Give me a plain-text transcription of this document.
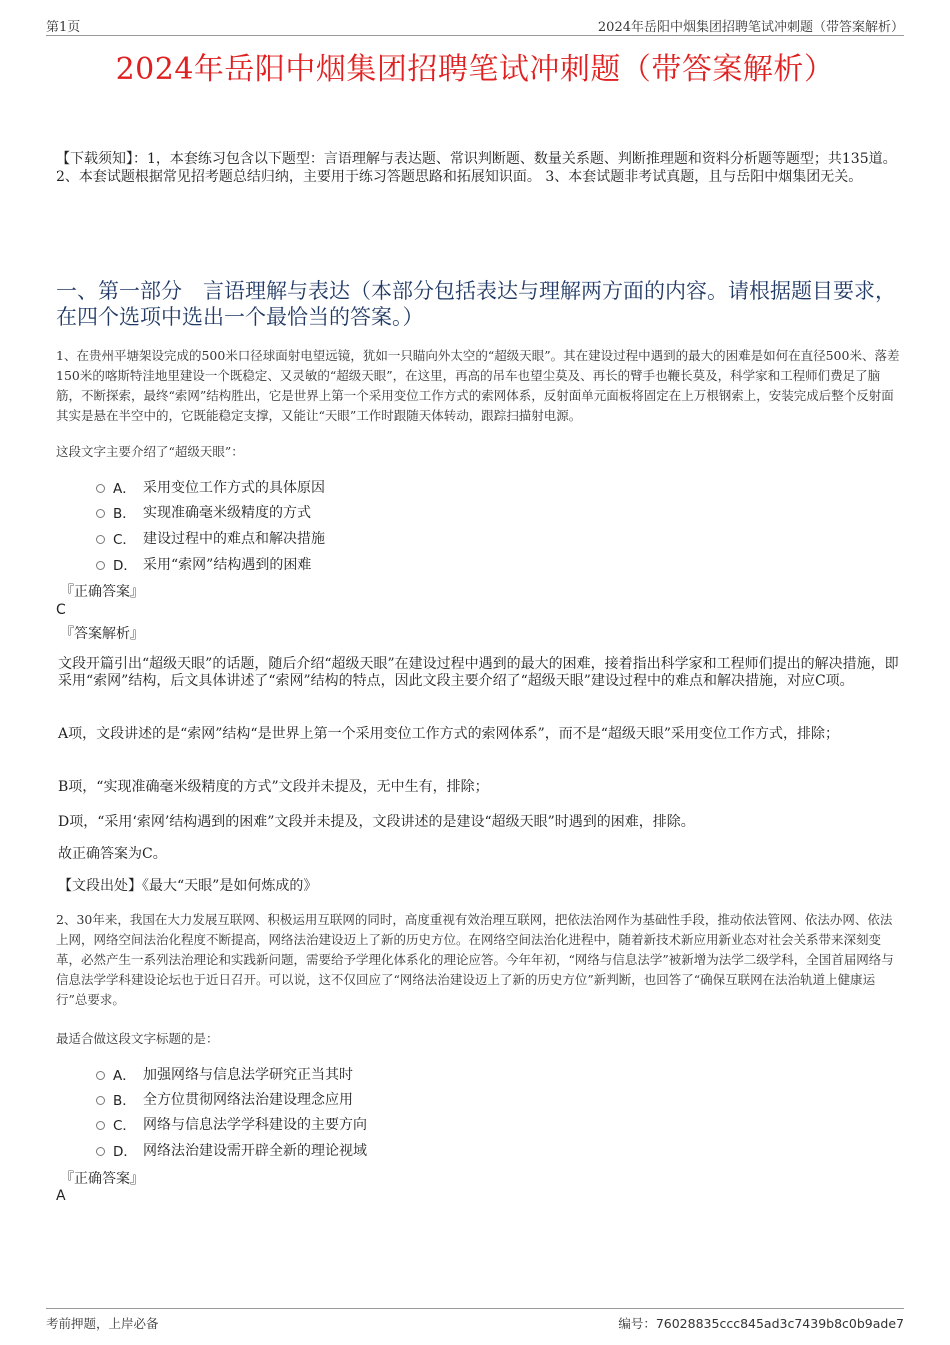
第1页	2024年岳阳中烟集团招聘笔试冲刺题（带答案解析）
2024年岳阳中烟集团招聘笔试冲刺题（带答案解析）
【下载须知】：1，本套练习包含以下题型：言语理解与表达题、常识判断题、数量关系题、判断推理题和资料分析题等题型；共135道。 2、本套试题根据常见招考题总结归纳，主要用于练习答题思路和拓展知识面。 3、本套试题非考试真题，且与岳阳中烟集团无关。
一、第一部分　言语理解与表达（本部分包括表达与理解两方面的内容。请根据题目要求，在四个选项中选出一个最恰当的答案。）
1、在贵州平塘架设完成的500米口径球面射电望远镜，犹如一只瞄向外太空的“超级天眼”。其在建设过程中遇到的最大的困难是如何在直径500米、落差150米的喀斯特洼地里建设一个既稳定、又灵敏的“超级天眼”，在这里，再高的吊车也望尘莫及、再长的臂手也鞭长莫及，科学家和工程师们费足了脑筋，不断探索，最终“索网”结构胜出，它是世界上第一个采用变位工作方式的索网体系，反射面单元面板将固定在上万根钢索上，安装完成后整个反射面其实是悬在半空中的，它既能稳定支撑，又能让“天眼”工作时跟随天体转动，跟踪扫描射电源。
这段文字主要介绍了“超级天眼”：
A． 采用变位工作方式的具体原因
B． 实现准确毫米级精度的方式
C． 建设过程中的难点和解决措施
D． 采用“索网”结构遇到的困难
『正确答案』
C
『答案解析』
文段开篇引出“超级天眼”的话题，随后介绍“超级天眼”在建设过程中遇到的最大的困难，接着指出科学家和工程师们提出的解决措施，即采用“索网”结构，后文具体讲述了“索网”结构的特点，因此文段主要介绍了“超级天眼”建设过程中的难点和解决措施，对应C项。
A项，文段讲述的是“索网”结构“是世界上第一个采用变位工作方式的索网体系”，而不是“超级天眼”采用变位工作方式，排除；
B项，“实现准确毫米级精度的方式”文段并未提及，无中生有，排除；
D项，“采用‘索网’结构遇到的困难”文段并未提及，文段讲述的是建设“超级天眼”时遇到的困难，排除。
故正确答案为C。
【文段出处】《最大“天眼”是如何炼成的》
2、30年来，我国在大力发展互联网、积极运用互联网的同时，高度重视有效治理互联网，把依法治网作为基础性手段，推动依法管网、依法办网、依法上网，网络空间法治化程度不断提高，网络法治建设迈上了新的历史方位。在网络空间法治化进程中，随着新技术新应用新业态对社会关系带来深刻变革，必然产生一系列法治理论和实践新问题，需要给予学理化体系化的理论应答。今年年初，“网络与信息法学”被新增为法学二级学科，全国首届网络与信息法学学科建设论坛也于近日召开。可以说，这不仅回应了“网络法治建设迈上了新的历史方位”新判断，也回答了“确保互联网在法治轨道上健康运行”总要求。
最适合做这段文字标题的是：
A． 加强网络与信息法学研究正当其时
B． 全方位贯彻网络法治建设理念应用
C． 网络与信息法学学科建设的主要方向
D． 网络法治建设需开辟全新的理论视域
『正确答案』
A
考前押题，上岸必备	编号：76028835ccc845ad3c7439b8c0b9ade7
